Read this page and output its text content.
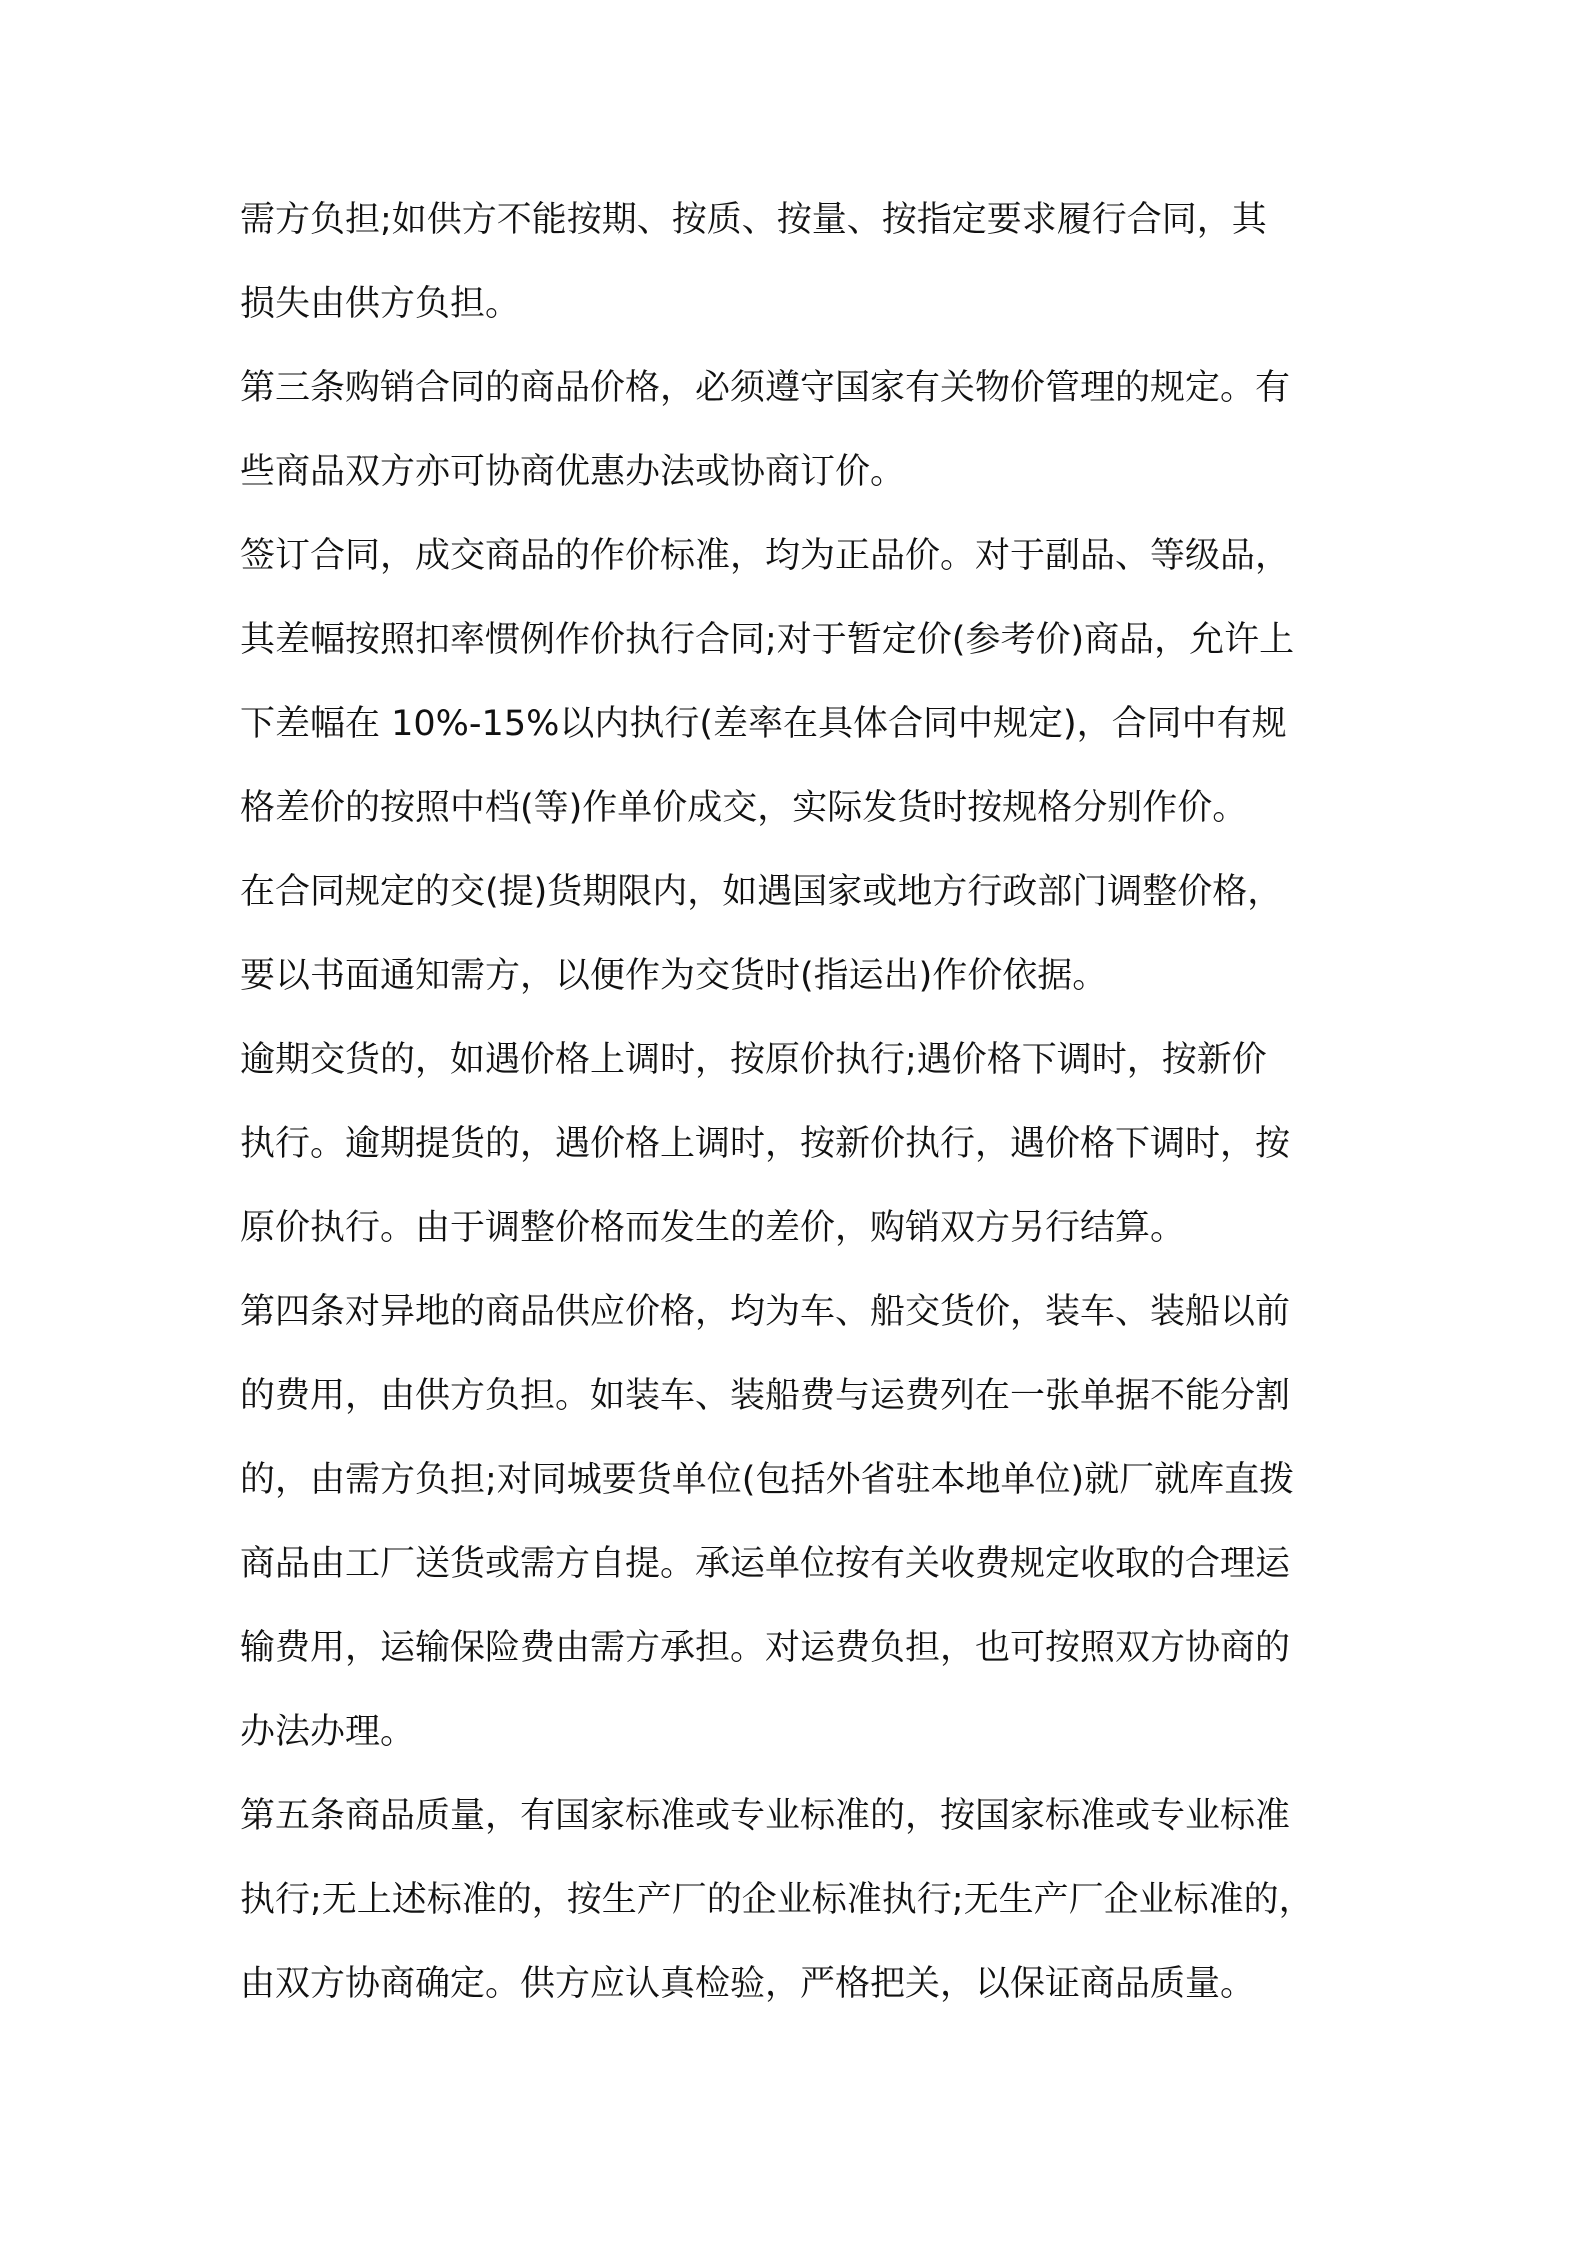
需方负担;如供方不能按期、按质、按量、按指定要求履行合同，其
损失由供方负担。
第三条购销合同的商品价格，必须遵守国家有关物价管理的规定。有
些商品双方亦可协商优惠办法或协商订价。
签订合同，成交商品的作价标准，均为正品价。对于副品、等级品，
其差幅按照扣率惯例作价执行合同;对于暂定价(参考价)商品，允许上
下差幅在 10%-15%以内执行(差率在具体合同中规定)，合同中有规
格差价的按照中档(等)作单价成交，实际发货时按规格分别作价。
在合同规定的交(提)货期限内，如遇国家或地方行政部门调整价格，
要以书面通知需方，以便作为交货时(指运出)作价依据。
逾期交货的，如遇价格上调时，按原价执行;遇价格下调时，按新价
执行。逾期提货的，遇价格上调时，按新价执行，遇价格下调时，按
原价执行。由于调整价格而发生的差价，购销双方另行结算。
第四条对异地的商品供应价格，均为车、船交货价，装车、装船以前
的费用，由供方负担。如装车、装船费与运费列在一张单据不能分割
的，由需方负担;对同城要货单位(包括外省驻本地单位)就厂就库直拨
商品由工厂送货或需方自提。承运单位按有关收费规定收取的合理运
输费用，运输保险费由需方承担。对运费负担，也可按照双方协商的
办法办理。
第五条商品质量，有国家标准或专业标准的，按国家标准或专业标准
执行;无上述标准的，按生产厂的企业标准执行;无生产厂企业标准的，
由双方协商确定。供方应认真检验，严格把关，以保证商品质量。
